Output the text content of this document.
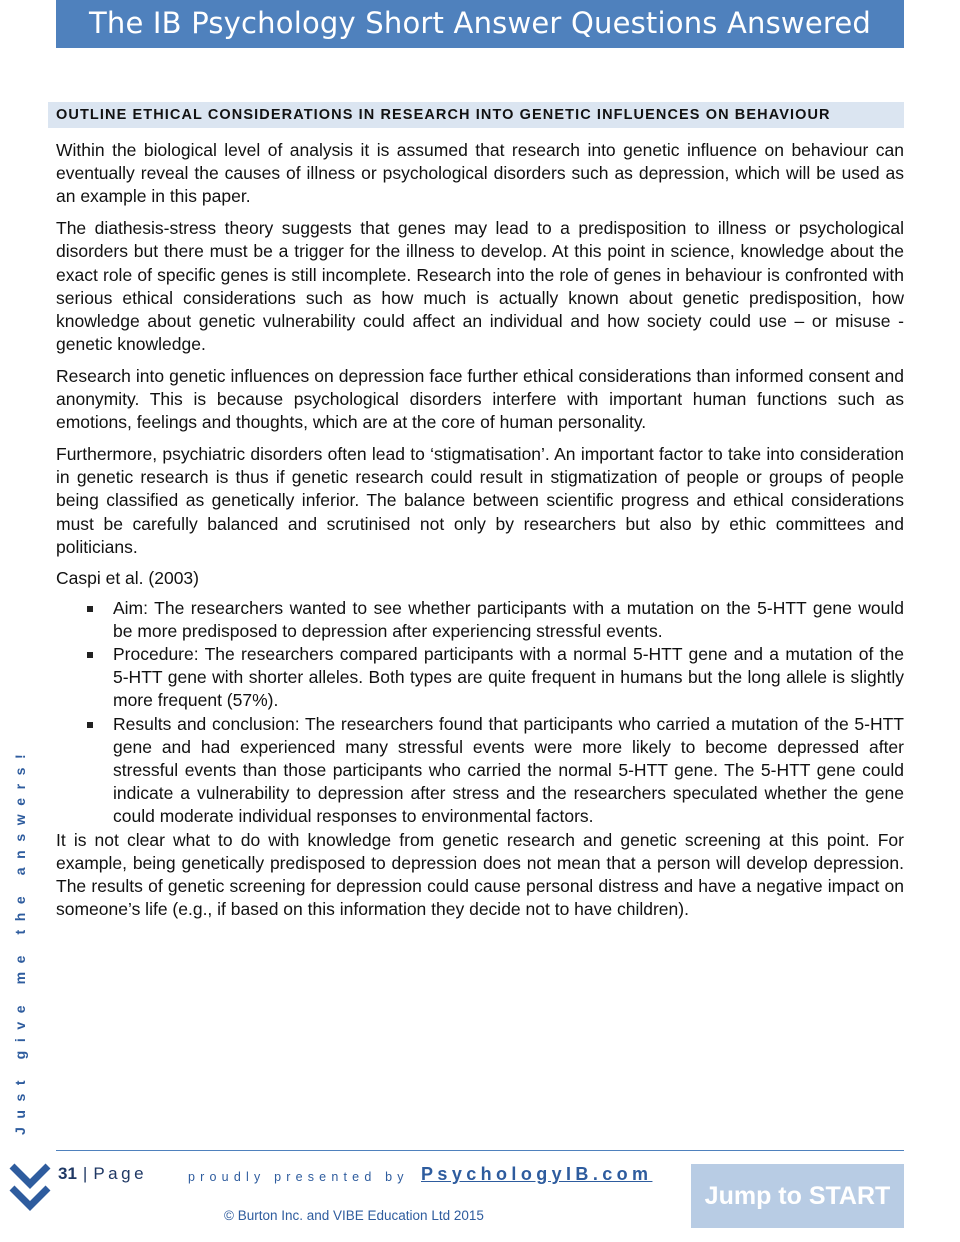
The IB Psychology Short Answer Questions Answered
OUTLINE ETHICAL CONSIDERATIONS IN RESEARCH INTO GENETIC INFLUENCES ON BEHAVIOUR

Within the biological level of analysis it is assumed that research into genetic influence on behaviour can eventually reveal the causes of illness or psychological disorders such as depression, which will be used as an example in this paper.

The diathesis-stress theory suggests that genes may lead to a predisposition to illness or psychological disorders but there must be a trigger for the illness to develop. At this point in science, knowledge about the exact role of specific genes is still incomplete. Research into the role of genes in behaviour is confronted with serious ethical considerations such as how much is actually known about genetic predisposition, how knowledge about genetic vulnerability could affect an individual and how society could use – or misuse - genetic knowledge.

Research into genetic influences on depression face further ethical considerations than informed consent and anonymity. This is because psychological disorders interfere with important human functions such as emotions, feelings and thoughts, which are at the core of human personality.

Furthermore, psychiatric disorders often lead to ‘stigmatisation’. An important factor to take into consideration in genetic research is thus if genetic research could result in stigmatization of people or groups of people being classified as genetically inferior. The balance between scientific progress and ethical considerations must be carefully balanced and scrutinised not only by researchers but also by ethic committees and politicians.

Caspi et al. (2003)

Aim: The researchers wanted to see whether participants with a mutation on the 5-HTT gene would be more predisposed to depression after experiencing stressful events.
Procedure: The researchers compared participants with a normal 5-HTT gene and a mutation of the 5-HTT gene with shorter alleles. Both types are quite frequent in humans but the long allele is slightly more frequent (57%).
Results and conclusion: The researchers found that participants who carried a mutation of the 5-HTT gene and had experienced many stressful events were more likely to become depressed after stressful events than those participants who carried the normal 5-HTT gene. The 5-HTT gene could indicate a vulnerability to depression after stress and the researchers speculated whether the gene could moderate individual responses to environmental factors.

It is not clear what to do with knowledge from genetic research and genetic screening at this point. For example, being genetically predisposed to depression does not mean that a person will develop depression. The results of genetic screening for depression could cause personal distress and have a negative impact on someone’s life (e.g., if based on this information they decide not to have children).

Just give me the answers!
31 | Page	proudly presented by PsychologyIB.com
© Burton Inc. and VIBE Education Ltd 2015
Jump to START
